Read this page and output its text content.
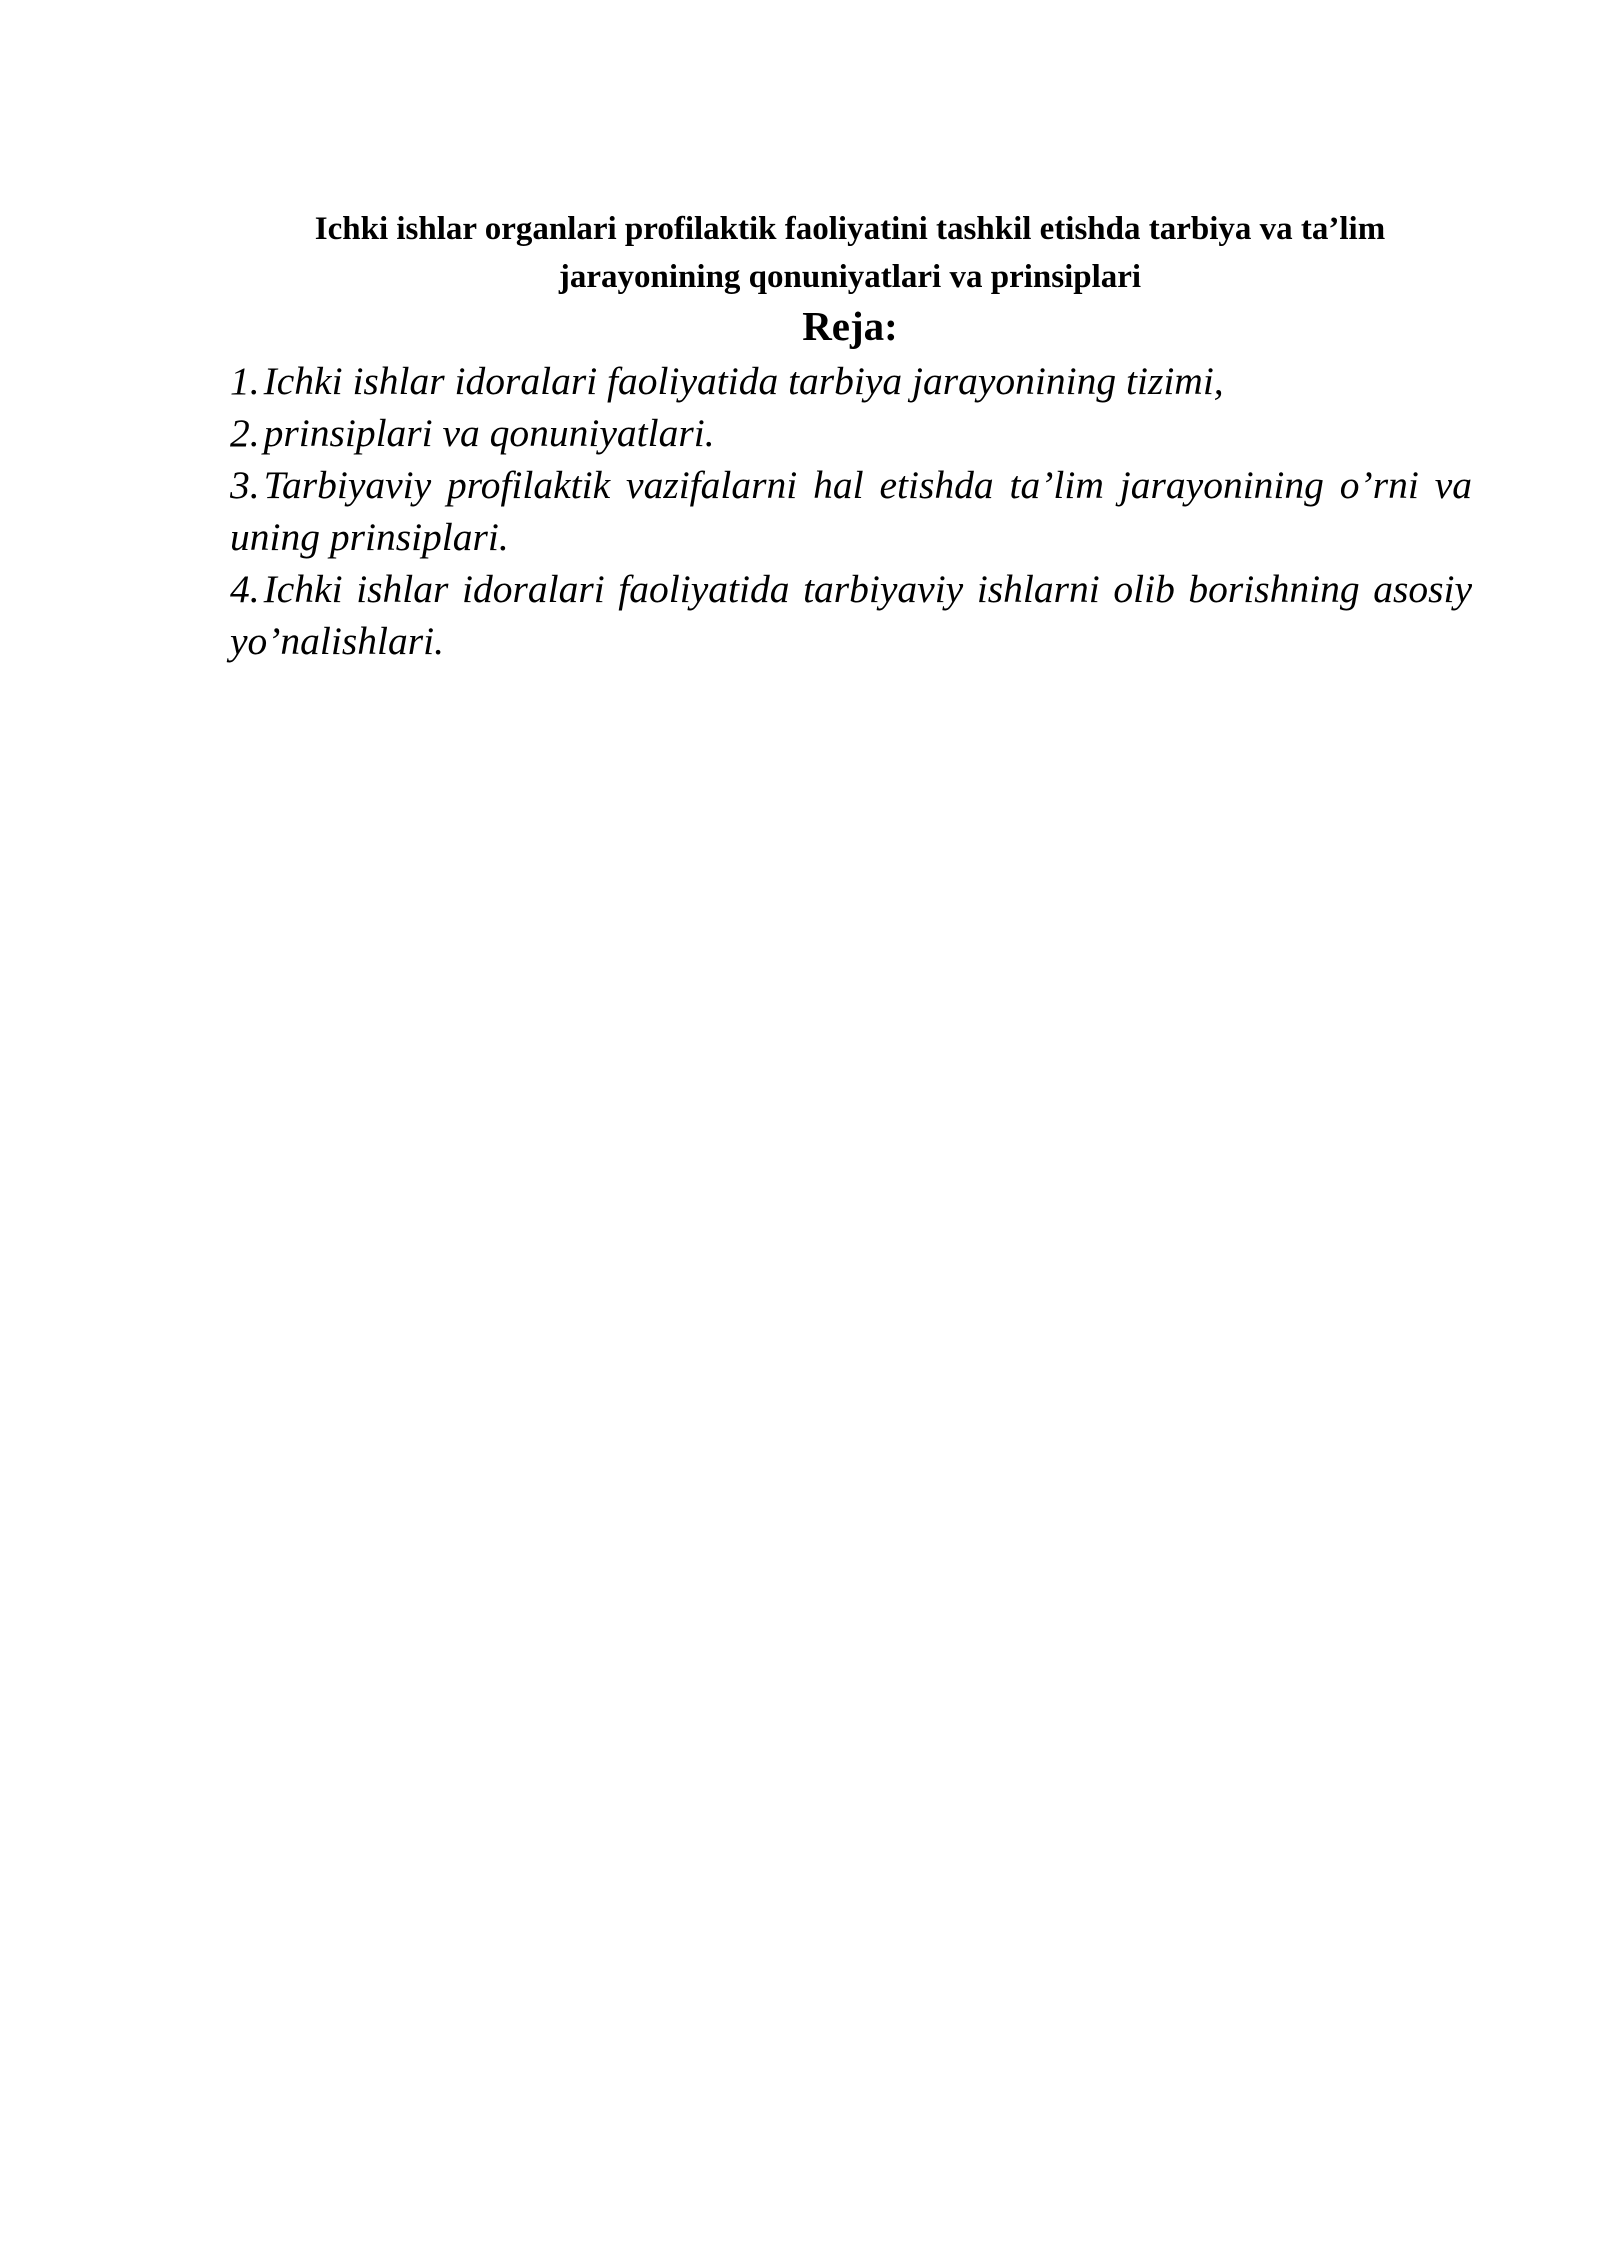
Ichki ishlar organlari profilaktik faoliyatini tashkil etishda tarbiya va ta’lim
jarayonining qonuniyatlari va prinsiplari
Reja:
1. Ichki ishlar idoralari faoliyatida tarbiya jarayonining tizimi,
2. prinsiplari va qonuniyatlari.
3. Tarbiyaviy profilaktik vazifalarni hal etishda ta’lim jarayonining o’rni va uning prinsiplari.
4. Ichki ishlar idoralari faoliyatida tarbiyaviy ishlarni olib borishning asosiy yo’nalishlari.
